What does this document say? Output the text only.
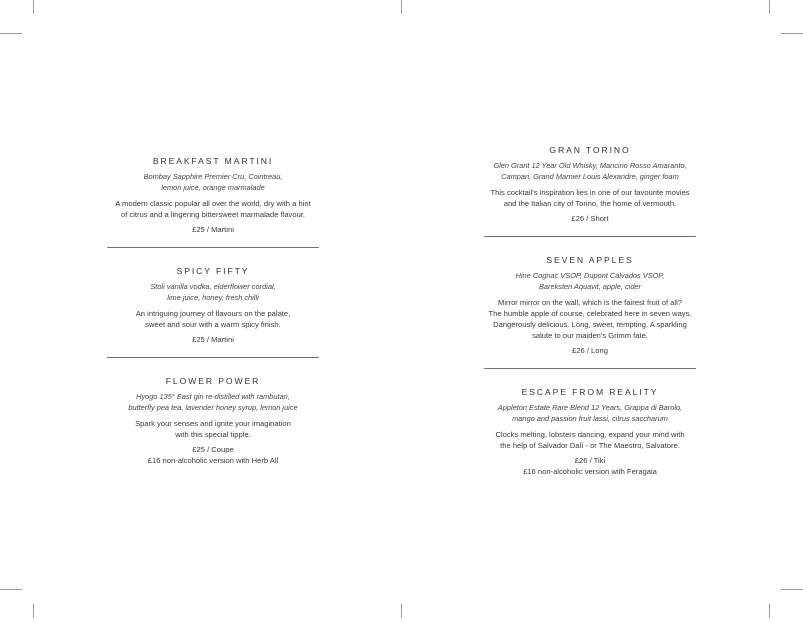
BREAKFAST MARTINI

Bombay Sapphire Premier Cru, Cointreau,
lemon juice, orange marmalade

A modern classic popular all over the world, dry with a hint
of citrus and a lingering bittersweet marmalade flavour.

£25 / Martini

SPICY FIFTY

Stoli vanilla vodka, elderflower cordial,
lime juice, honey, fresh chilli

An intriguing journey of flavours on the palate,
sweet and sour with a warm spicy finish.

£25 / Martini

FLOWER POWER

Hyogo 135° East gin re-distilled with rambutan,
butterfly pea tea, lavender honey syrup, lemon juice

Spark your senses and ignite your imagination
with this special tipple.

£25 / Coupe

£16 non-alcoholic version with Herb All

GRAN TORINO

Glen Grant 12 Year Old Whisky, Mancino Rosso Amaranto,
Campari, Grand Marnier Louis Alexandre, ginger foam

This cocktail's inspiration lies in one of our favourite movies
and the Italian city of Torino, the home of vermouth.

£26 / Short

SEVEN APPLES

Hine Cognac VSOP, Dupont Calvados VSOP,
Bareksten Aquavit, apple, cider

Mirror mirror on the wall, which is the fairest fruit of all?
The humble apple of course, celebrated here in seven ways.
Dangerously delicious. Long, sweet, tempting. A sparkling
salute to our maiden's Grimm fate.

£26 / Long

ESCAPE FROM REALITY

Appleton Estate Rare Blend 12 Years, Grappa di Barolo,
mango and passion fruit lassi, citrus saccharum

Clocks melting, lobsters dancing, expand your mind with
the help of Salvador Dalí - or The Maestro, Salvatore.

£26 / Tiki

£16 non-alcoholic version with Feragaia
